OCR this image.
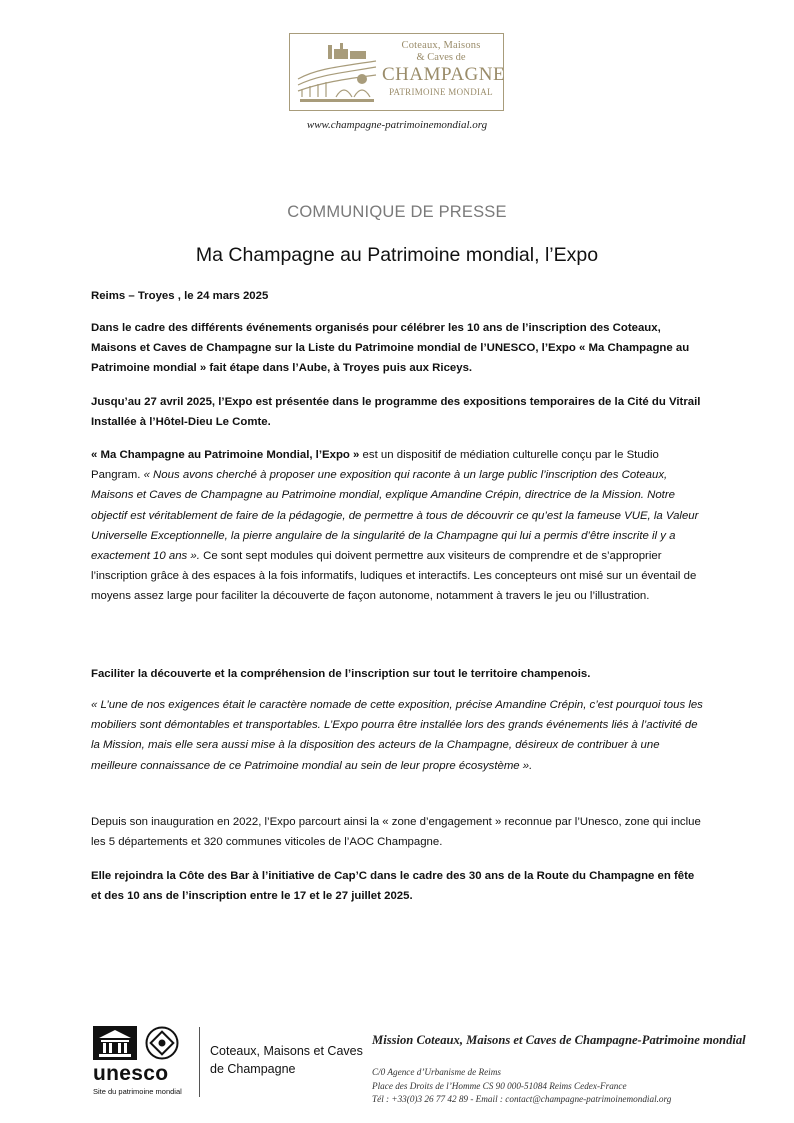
Coteaux, Maisons
& Caves de
CHAMPAGNE
PATRIMOINE MONDIAL
www.champagne-patrimoinemondial.org
COMMUNIQUE DE PRESSE
Ma Champagne au Patrimoine mondial, l’Expo

Reims – Troyes , le 24 mars 2025

Dans le cadre des différents événements organisés pour célébrer les 10 ans de l’inscription des Coteaux, Maisons et Caves de Champagne sur la Liste du Patrimoine mondial de l’UNESCO, l’Expo « Ma Champagne au Patrimoine mondial » fait étape dans l’Aube, à Troyes puis aux Riceys.

Jusqu’au 27 avril 2025, l’Expo est présentée dans le programme des expositions temporaires de la Cité du Vitrail Installée à l’Hôtel-Dieu Le Comte.

« Ma Champagne au Patrimoine Mondial, l’Expo » est un dispositif de médiation culturelle conçu par le Studio Pangram. « Nous avons cherché à proposer une exposition qui raconte à un large public l’inscription des Coteaux, Maisons et Caves de Champagne au Patrimoine mondial, explique Amandine Crépin, directrice de la Mission. Notre objectif est véritablement de faire de la pédagogie, de permettre à tous de découvrir ce qu’est la fameuse VUE, la Valeur Universelle Exceptionnelle, la pierre angulaire de la singularité de la Champagne qui lui a permis d’être inscrite il y a exactement 10 ans ». Ce sont sept modules qui doivent permettre aux visiteurs de comprendre et de s’approprier l’inscription grâce à des espaces à la fois informatifs, ludiques et interactifs. Les concepteurs ont misé sur un éventail de moyens assez large pour faciliter la découverte de façon autonome, notamment à travers le jeu ou l’illustration.

Faciliter la découverte et la compréhension de l’inscription sur tout le territoire champenois.

« L’une de nos exigences était le caractère nomade de cette exposition, précise Amandine Crépin, c’est pourquoi tous les mobiliers sont démontables et transportables. L’Expo pourra être installée lors des grands événements liés à l’activité de la Mission, mais elle sera aussi mise à la disposition des acteurs de la Champagne, désireux de contribuer à une meilleure connaissance de ce Patrimoine mondial au sein de leur propre écosystème ».

Depuis son inauguration en 2022, l’Expo parcourt ainsi la « zone d’engagement » reconnue par l’Unesco, zone qui inclue les 5 départements et 320 communes viticoles de l’AOC Champagne.

Elle rejoindra la Côte des Bar à l’initiative de Cap’C dans le cadre des 30 ans de la Route du Champagne en fête et des 10 ans de l’inscription entre le 17 et le 27 juillet 2025.

unesco
Site du patrimoine mondial
Coteaux, Maisons et Caves
de Champagne
Mission Coteaux, Maisons et Caves de Champagne-Patrimoine mondial
C/0 Agence d’Urbanisme de Reims
Place des Droits de l’Homme CS 90 000-51084 Reims Cedex-France
Tél : +33(0)3 26 77 42 89 - Email : contact@champagne-patrimoinemondial.org
